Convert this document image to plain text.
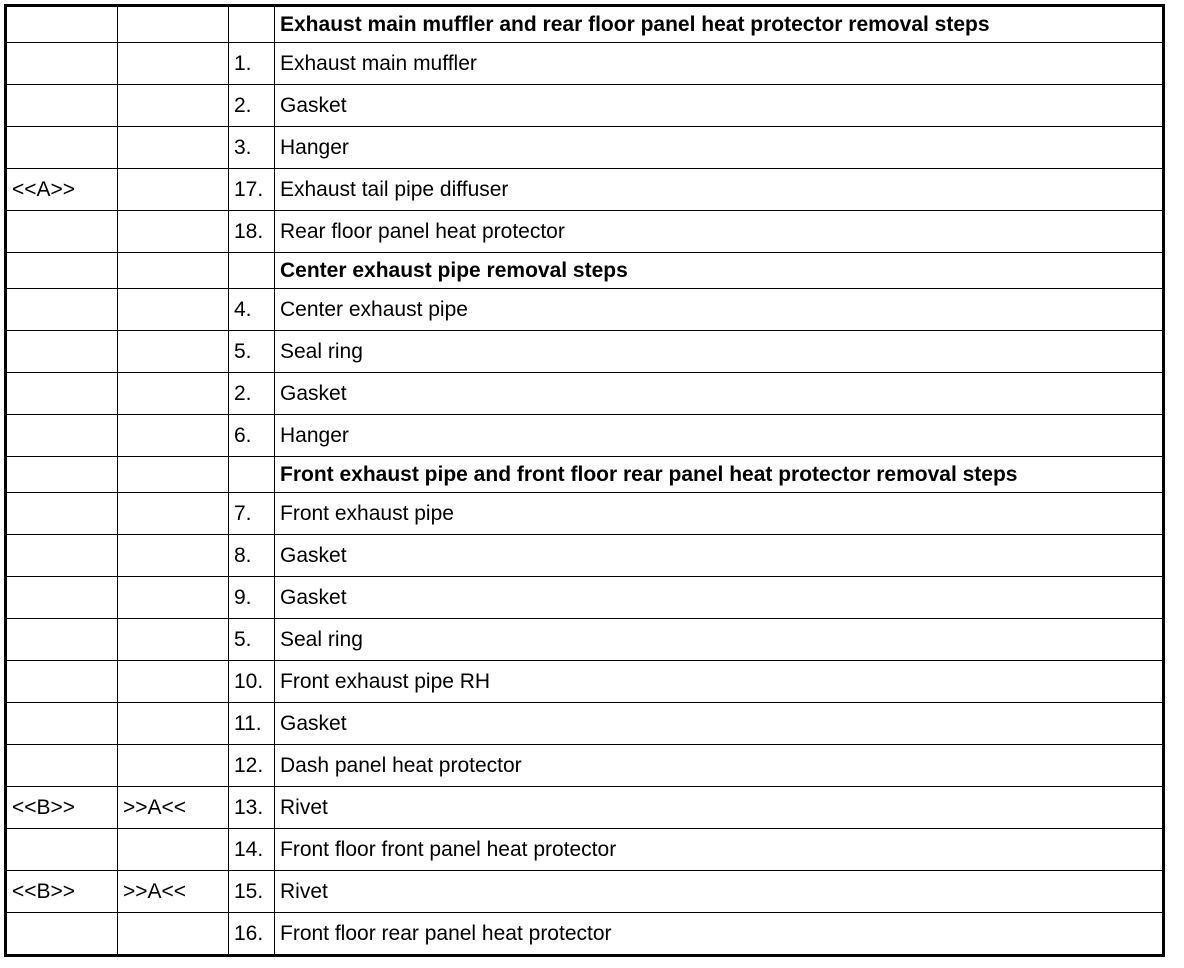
			Exhaust main muffler and rear floor panel heat protector removal steps
		1.	Exhaust main muffler
		2.	Gasket
		3.	Hanger
<<A>>		17.	Exhaust tail pipe diffuser
		18.	Rear floor panel heat protector
			Center exhaust pipe removal steps
		4.	Center exhaust pipe
		5.	Seal ring
		2.	Gasket
		6.	Hanger
			Front exhaust pipe and front floor rear panel heat protector removal steps
		7.	Front exhaust pipe
		8.	Gasket
		9.	Gasket
		5.	Seal ring
		10.	Front exhaust pipe RH
		11.	Gasket
		12.	Dash panel heat protector
<<B>>	>>A<<	13.	Rivet
		14.	Front floor front panel heat protector
<<B>>	>>A<<	15.	Rivet
		16.	Front floor rear panel heat protector
